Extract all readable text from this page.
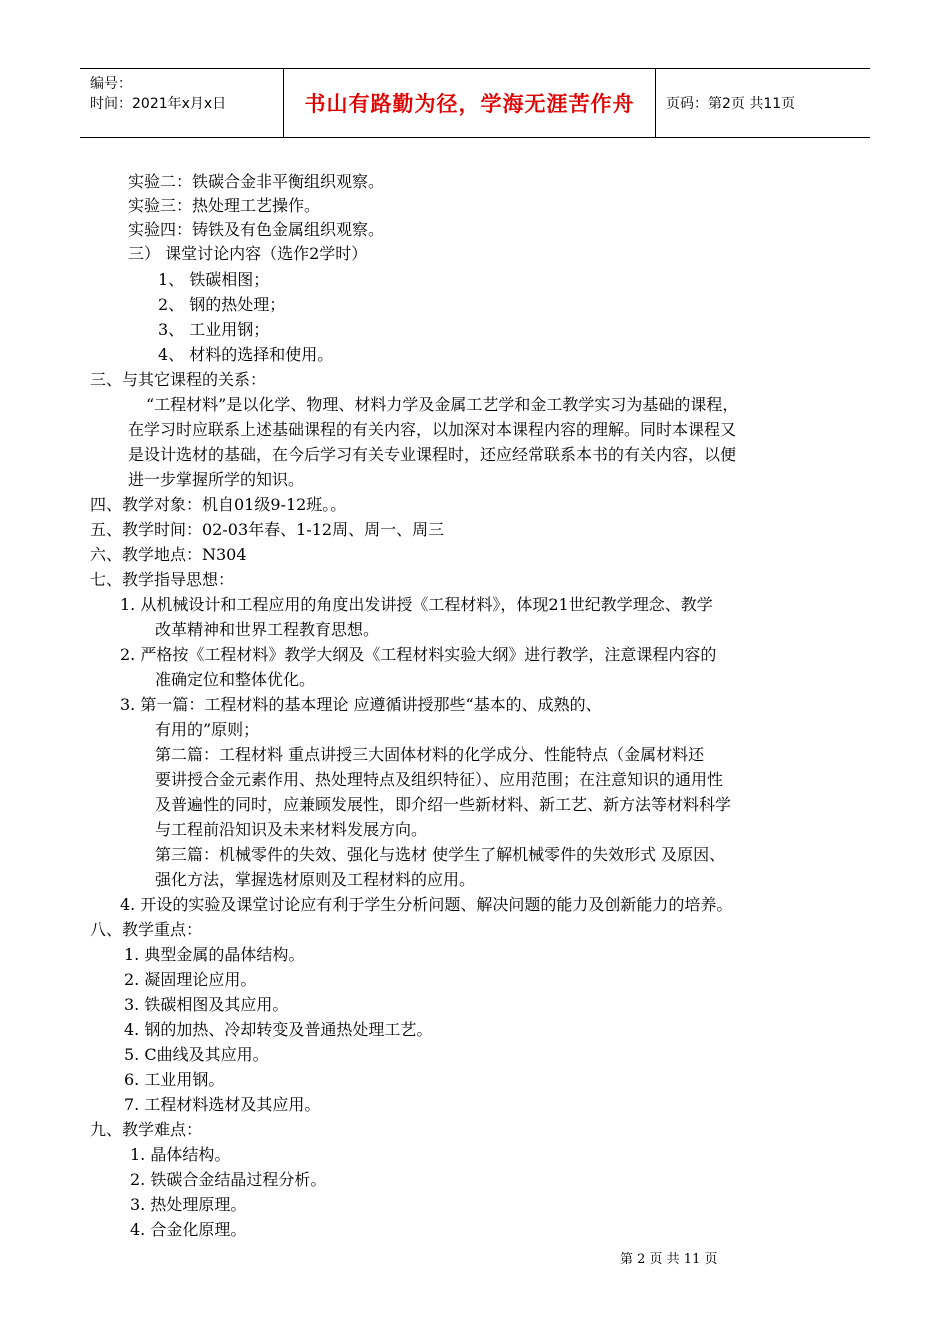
编号：
时间：2021年x月x日	书山有路勤为径，学海无涯苦作舟 页码：第2页 共11页
实验二：铁碳合金非平衡组织观察。
实验三：热处理工艺操作。
实验四：铸铁及有色金属组织观察。
三） 课堂讨论内容（选作2学时）
1、 铁碳相图；
2、 钢的热处理；
3、 工业用钢；
4、 材料的选择和使用。
三、与其它课程的关系：
“工程材料”是以化学、物理、材料力学及金属工艺学和金工教学实习为基础的课程，
在学习时应联系上述基础课程的有关内容，以加深对本课程内容的理解。同时本课程又
是设计选材的基础，在今后学习有关专业课程时，还应经常联系本书的有关内容，以便
进一步掌握所学的知识。
四、教学对象：机自01级9-12班。。
五、教学时间：02-03年春、1-12周、周一、周三
六、教学地点：N304
七、教学指导思想：
1. 从机械设计和工程应用的角度出发讲授《工程材料》，体现21世纪教学理念、教学
改革精神和世界工程教育思想。
2. 严格按《工程材料》教学大纲及《工程材料实验大纲》进行教学，注意课程内容的
准确定位和整体优化。
3. 第一篇：工程材料的基本理论 应遵循讲授那些“基本的、成熟的、
有用的”原则；
第二篇：工程材料 重点讲授三大固体材料的化学成分、性能特点（金属材料还
要讲授合金元素作用、热处理特点及组织特征）、应用范围；在注意知识的通用性
及普遍性的同时，应兼顾发展性，即介绍一些新材料、新工艺、新方法等材料科学
与工程前沿知识及未来材料发展方向。
第三篇：机械零件的失效、强化与选材 使学生了解机械零件的失效形式 及原因、
强化方法，掌握选材原则及工程材料的应用。
4. 开设的实验及课堂讨论应有利于学生分析问题、解决问题的能力及创新能力的培养。
八、教学重点：
1. 典型金属的晶体结构。
2. 凝固理论应用。
3. 铁碳相图及其应用。
4. 钢的加热、冷却转变及普通热处理工艺。
5. C曲线及其应用。
6. 工业用钢。
7. 工程材料选材及其应用。
九、教学难点：
1. 晶体结构。
2. 铁碳合金结晶过程分析。
3. 热处理原理。
4. 合金化原理。
第 2 页 共 11 页
